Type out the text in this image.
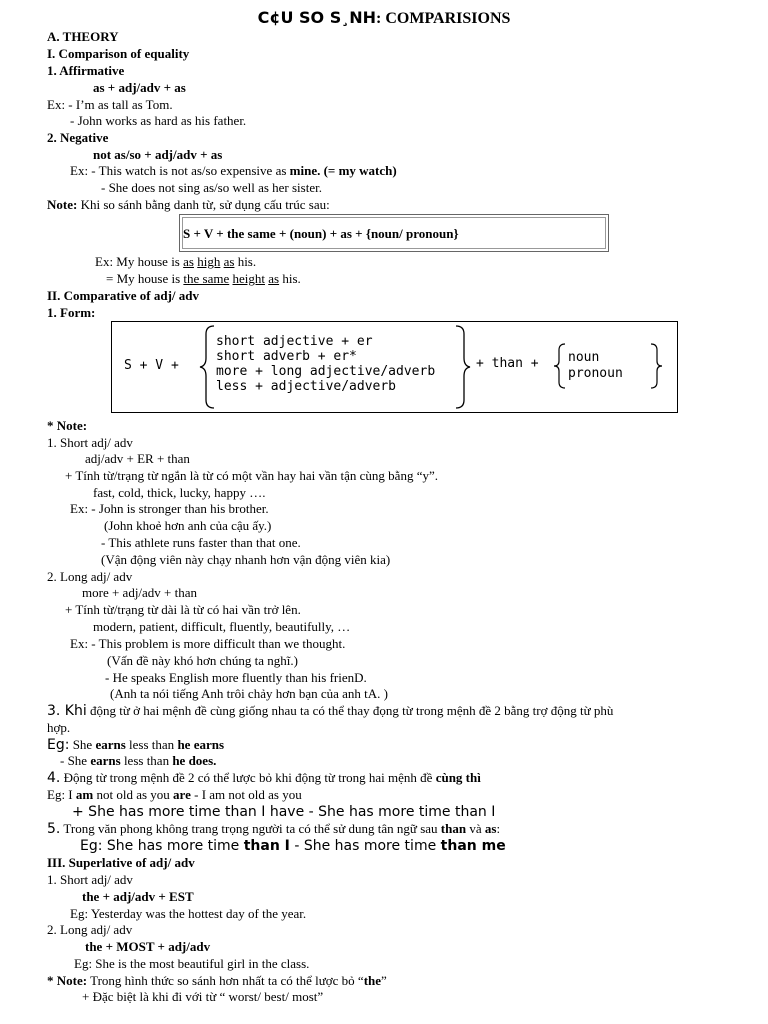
C¢U SO S¸NH: COMPARISIONS
A. THEORY
I. Comparison of equality
1. Affirmative
as + adj/adv + as
Ex: - I’m as tall as Tom.
- John works as hard as his father.
2. Negative
not as/so + adj/adv + as
Ex: - This watch is not as/so expensive as mine. (= my watch)
- She does not sing as/so well as her sister.
Note: Khi so sánh bằng danh từ, sử dụng cấu trúc sau:
S + V + the same + (noun) + as + {noun/ pronoun}
Ex: My house is as high as his.
= My house is the same height as his.
II. Comparative of adj/ adv
1. Form:
S + V +
short adjective + er
short adverb + er*
more + long adjective/adverb
less + adjective/adverb
+ than + noun
pronoun
* Note:
1. Short adj/ adv
adj/adv + ER + than
+ Tính từ/trạng từ ngắn là từ có một vần hay hai vần tận cùng bằng “y”.
fast, cold, thick, lucky, happy ….
Ex: - John is stronger than his brother.
(John khoẻ hơn anh của cậu ấy.)
- This athlete runs faster than that one.
(Vận động viên này chạy nhanh hơn vận động viên kia)
2. Long adj/ adv
more + adj/adv + than
+ Tính từ/trạng từ dài là từ có hai vần trở lên.
modern, patient, difficult, fluently, beautifully, …
Ex: - This problem is more difficult than we thought.
(Vấn đề này khó hơn chúng ta nghĩ.)
- He speaks English more fluently than his frienD.
(Anh ta nói tiếng Anh trôi chảy hơn bạn của anh tA. )
3. Khi động từ ở hai mệnh đề cùng giống nhau ta có thể thay đọng từ trong mệnh đề 2 bằng trợ động từ phù
hợp.
Eg: She earns less than he earns
- She earns less than he does.
4. Động từ trong mệnh đề 2 có thể lược bỏ khi động từ trong hai mệnh đề cùng thì
Eg: I am not old as you are - I am not old as you
+ She has more time than I have - She has more time than I
5. Trong văn phong không trang trọng người ta có thể sử dung tân ngữ sau than và as:
Eg: She has more time than I - She has more time than me
III. Superlative of adj/ adv
1. Short adj/ adv
the + adj/adv + EST
Eg: Yesterday was the hottest day of the year.
2. Long adj/ adv
the + MOST + adj/adv
Eg: She is the most beautiful girl in the class.
* Note: Trong hình thức so sánh hơn nhất ta có thể lược bỏ “the”
+ Đặc biệt là khi đi với từ “ worst/ best/ most”
